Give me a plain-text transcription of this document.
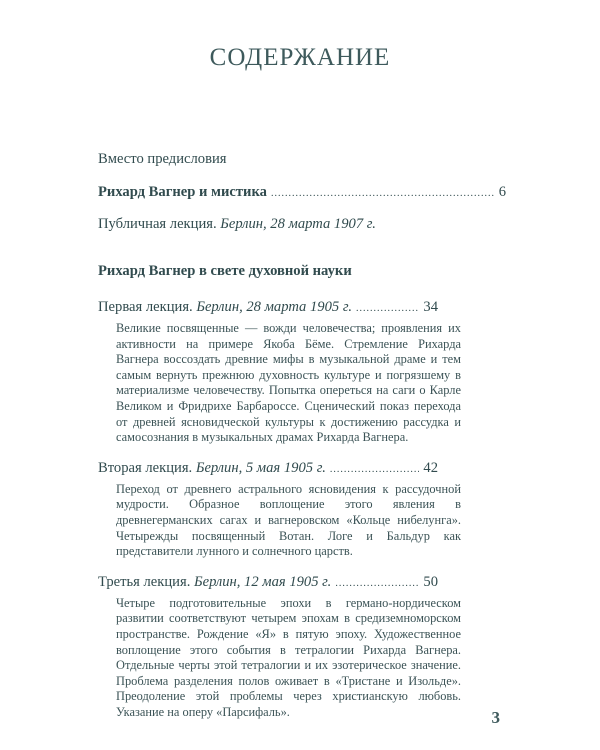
СОДЕРЖАНИЕ
Вместо предисловия
Рихард Вагнер и мистика .....	6
Публичная лекция. Берлин, 28 марта 1907 г.
Рихард Вагнер в свете духовной науки
Первая лекция.
Берлин, 28 марта 1905 г. .....	34
Великие посвященные — вожди человечества; проявления их активности на примере Якоба Бёме. Стремление Рихарда Вагнера воссоздать древние мифы в музыкальной драме и тем самым вернуть прежнюю духовность культуре и погрязшему в материализме человечеству. Попытка опереться на саги о Карле Великом и Фридрихе Барбароссе. Сценический показ перехода от древней ясновидческой культуры к достижению рассудка и самосознания в музыкальных драмах Рихарда Вагнера.
Вторая лекция.
Берлин, 5 мая 1905 г. .....	42
Переход от древнего астрального ясновидения к рассудочной мудрости. Образное воплощение этого явления в древнегерманских сагах и вагнеровском «Кольце нибелунга». Четырежды посвященный Вотан. Логе и Бальдур как представители лунного и солнечного царств.
Третья лекция.
Берлин, 12 мая 1905 г. .....	50
Четыре подготовительные эпохи в германо-нордическом развитии соответствуют четырем эпохам в средиземноморском пространстве. Рождение «Я» в пятую эпоху. Художественное воплощение этого события в тетралогии Рихарда Вагнера. Отдельные черты этой тетралогии и их эзотерическое значение. Проблема разделения полов оживает в «Тристане и Изольде». Преодоление этой проблемы через христианскую любовь. Указание на оперу «Парсифаль».	3
